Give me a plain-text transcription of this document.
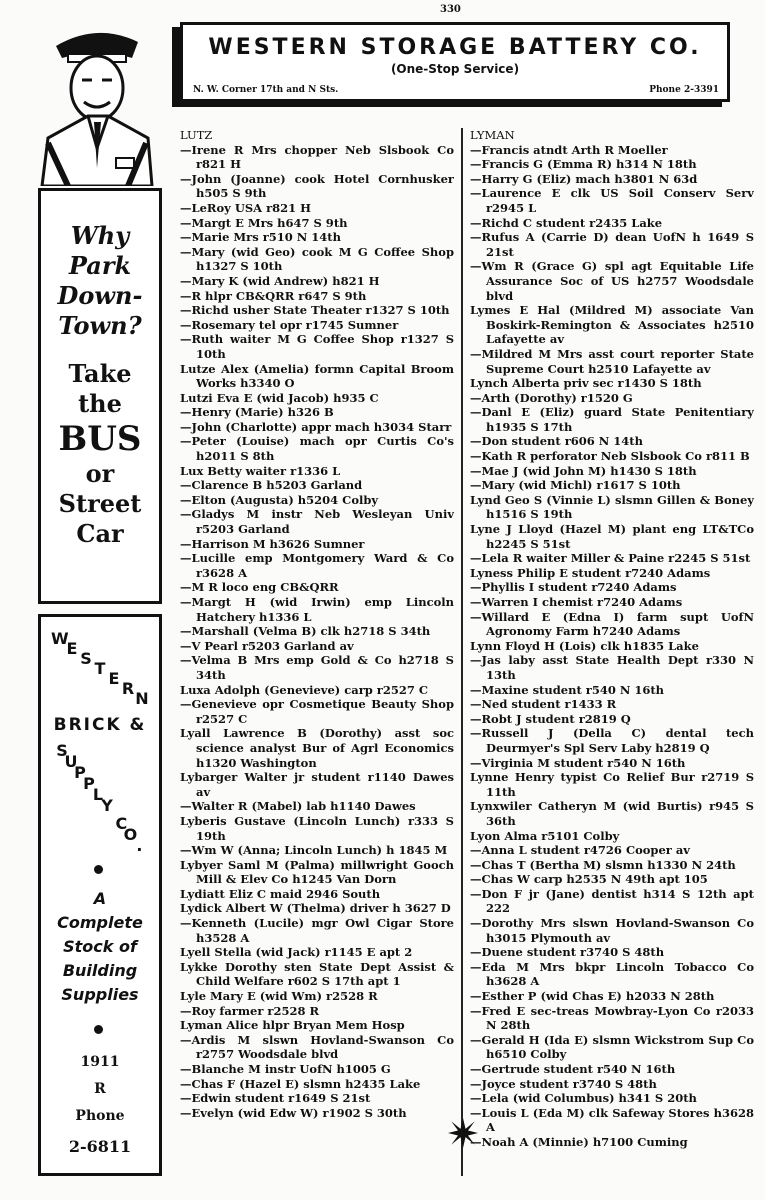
330
WESTERN STORAGE BATTERY CO.
(One-Stop Service)
N. W. Corner 17th and N Sts.	Phone 2-3391
Why
Park
Down-
Town?
Take
the
BUS
or
Street
Car
W
E
S
T
E
R
N
BRICK &
S
U
P
P
L
Y
C
O
.
A
Complete
Stock of
Building
Supplies
1911
R
Phone
2-6811
LUTZ
— Irene R Mrs chopper Neb Slsbook Co r821 H
— John (Joanne) cook Hotel Cornhusker h505 S 9th
— LeRoy USA r821 H
— Margt E Mrs h647 S 9th
— Marie Mrs r510 N 14th
— Mary (wid Geo) cook M G Coffee Shop h1327 S 10th
— Mary K (wid Andrew) h821 H
— R hlpr CB&QRR r647 S 9th
— Richd usher State Theater r1327 S 10th
— Rosemary tel opr r1745 Sumner
— Ruth waiter M G Coffee Shop r1327 S 10th
Lutze Alex (Amelia) formn Capital Broom Works h3340 O
Lutzi Eva E (wid Jacob) h935 C
— Henry (Marie) h326 B
— John (Charlotte) appr mach h3034 Starr
— Peter (Louise) mach opr Curtis Co's h2011 S 8th
Lux Betty waiter r1336 L
— Clarence B h5203 Garland
— Elton (Augusta) h5204 Colby
— Gladys M instr Neb Wesleyan Univ r5203 Garland
— Harrison M h3626 Sumner
— Lucille emp Montgomery Ward & Co r3628 A
— M R loco eng CB&QRR
— Margt H (wid Irwin) emp Lincoln Hatchery h1336 L
— Marshall (Velma B) clk h2718 S 34th
— V Pearl r5203 Garland av
— Velma B Mrs emp Gold & Co h2718 S 34th
Luxa Adolph (Genevieve) carp r2527 C
— Genevieve opr Cosmetique Beauty Shop r2527 C
Lyall Lawrence B (Dorothy) asst soc science analyst Bur of Agrl Economics h1320 Washington
Lybarger Walter jr student r1140 Dawes av
— Walter R (Mabel) lab h1140 Dawes
Lyberis Gustave (Lincoln Lunch) r333 S 19th
— Wm W (Anna; Lincoln Lunch) h 1845 M
Lybyer Saml M (Palma) millwright Gooch Mill & Elev Co h1245 Van Dorn
Lydiatt Eliz C maid 2946 South
Lydick Albert W (Thelma) driver h 3627 D
— Kenneth (Lucile) mgr Owl Cigar Store h3528 A
Lyell Stella (wid Jack) r1145 E apt 2
Lykke Dorothy sten State Dept Assist & Child Welfare r602 S 17th apt 1
Lyle Mary E (wid Wm) r2528 R
— Roy farmer r2528 R
Lyman Alice hlpr Bryan Mem Hosp
— Ardis M slswn Hovland-Swanson Co r2757 Woodsdale blvd
— Blanche M instr UofN h1005 G
— Chas F (Hazel E) slsmn h2435 Lake
— Edwin student r1649 S 21st
— Evelyn (wid Edw W) r1902 S 30th
LYMAN
— Francis atndt Arth R Moeller
— Francis G (Emma R) h314 N 18th
— Harry G (Eliz) mach h3801 N 63d
— Laurence E clk US Soil Conserv Serv r2945 L
— Richd C student r2435 Lake
— Rufus A (Carrie D) dean UofN h 1649 S 21st
— Wm R (Grace G) spl agt Equitable Life Assurance Soc of US h2757 Woodsdale blvd
Lymes E Hal (Mildred M) associate Van Boskirk-Remington & Associates h2510 Lafayette av
— Mildred M Mrs asst court reporter State Supreme Court h2510 Lafayette av
Lynch Alberta priv sec r1430 S 18th
— Arth (Dorothy) r1520 G
— Danl E (Eliz) guard State Penitentiary h1935 S 17th
— Don student r606 N 14th
— Kath R perforator Neb Slsbook Co r811 B
— Mae J (wid John M) h1430 S 18th
— Mary (wid Michl) r1617 S 10th
Lynd Geo S (Vinnie L) slsmn Gillen & Boney h1516 S 19th
Lyne J Lloyd (Hazel M) plant eng LT&TCo h2245 S 51st
— Lela R waiter Miller & Paine r2245 S 51st
Lyness Philip E student r7240 Adams
— Phyllis I student r7240 Adams
— Warren I chemist r7240 Adams
— Willard E (Edna I) farm supt UofN Agronomy Farm h7240 Adams
Lynn Floyd H (Lois) clk h1835 Lake
— Jas laby asst State Health Dept r330 N 13th
— Maxine student r540 N 16th
— Ned student r1433 R
— Robt J student r2819 Q
— Russell J (Della C) dental tech Deurmyer's Spl Serv Laby h2819 Q
— Virginia M student r540 N 16th
Lynne Henry typist Co Relief Bur r2719 S 11th
Lynxwiler Catheryn M (wid Burtis) r945 S 36th
Lyon Alma r5101 Colby
— Anna L student r4726 Cooper av
— Chas T (Bertha M) slsmn h1330 N 24th
— Chas W carp h2535 N 49th apt 105
— Don F jr (Jane) dentist h314 S 12th apt 222
— Dorothy Mrs slswn Hovland-Swanson Co h3015 Plymouth av
— Duene student r3740 S 48th
— Eda M Mrs bkpr Lincoln Tobacco Co h3628 A
— Esther P (wid Chas E) h2033 N 28th
— Fred E sec-treas Mowbray-Lyon Co r2033 N 28th
— Gerald H (Ida E) slsmn Wickstrom Sup Co h6510 Colby
— Gertrude student r540 N 16th
— Joyce student r3740 S 48th
— Lela (wid Columbus) h341 S 20th
— Louis L (Eda M) clk Safeway Stores h3628 A
— Noah A (Minnie) h7100 Cuming
